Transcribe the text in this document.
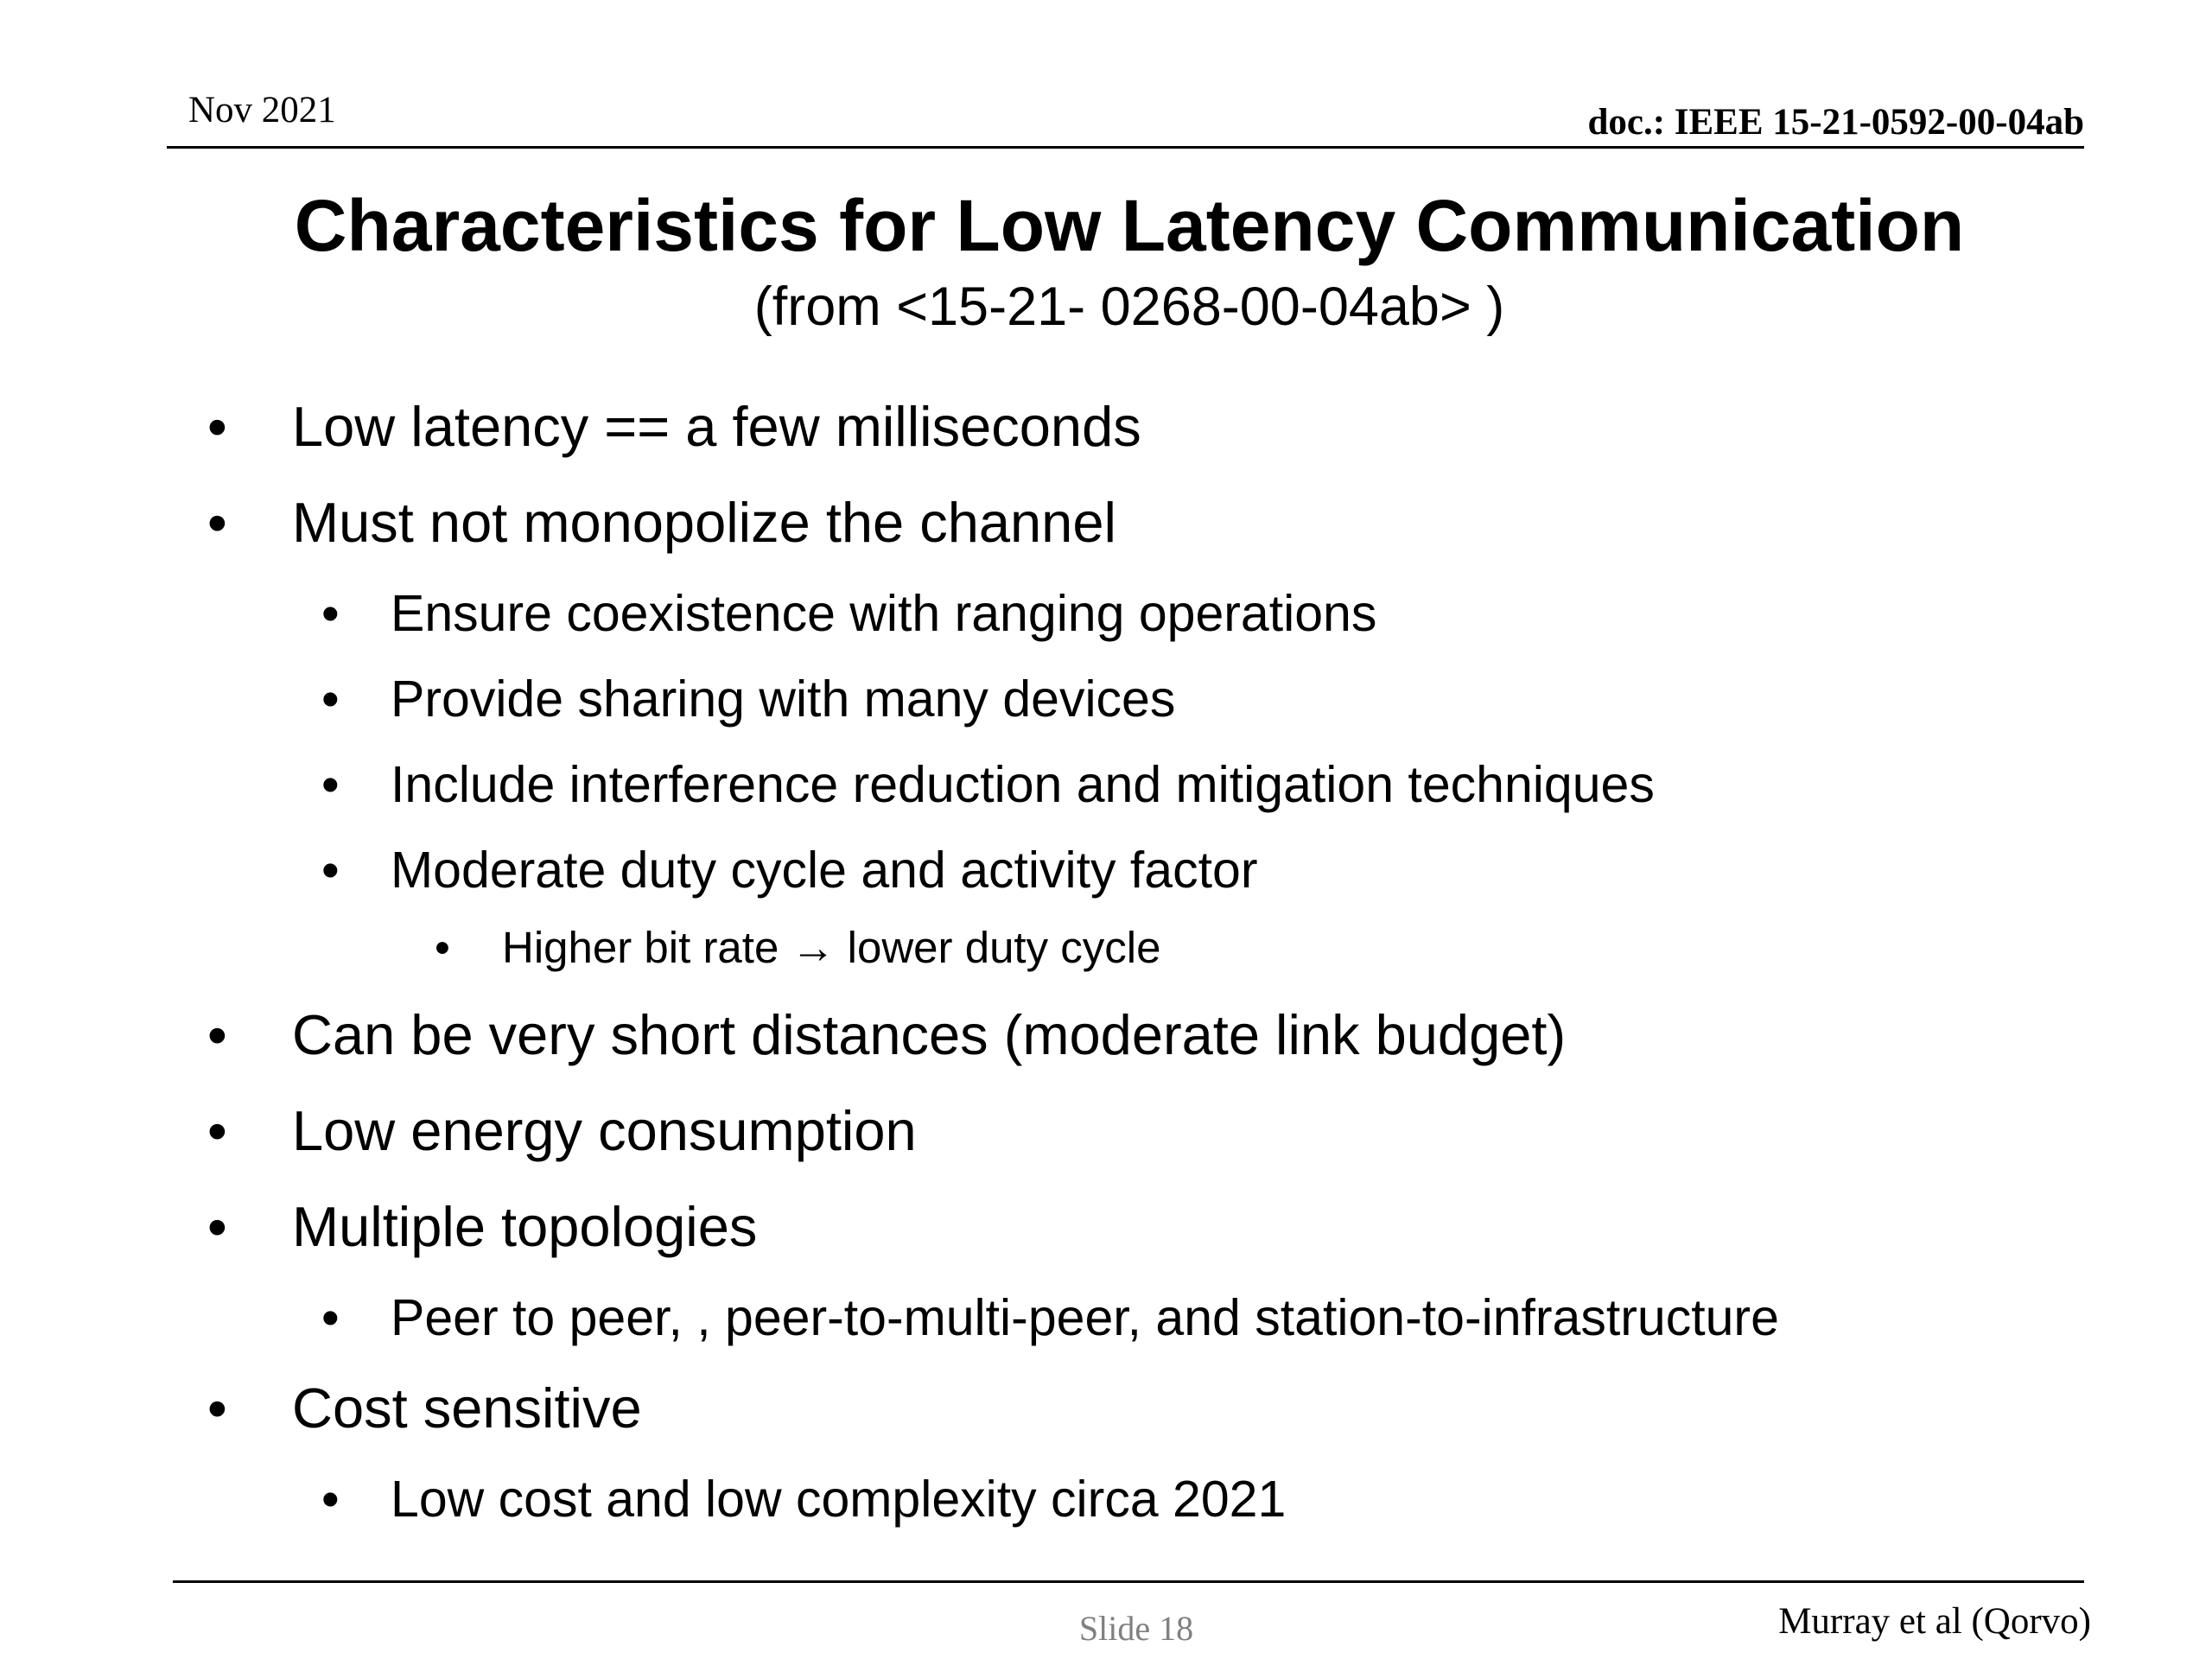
Nov 2021	doc.: IEEE 15-21-0592-00-04ab
Characteristics for Low Latency Communication
(from <15-21- 0268-00-04ab> )
• Low latency == a few milliseconds
• Must not monopolize the channel
• Ensure coexistence with ranging operations
• Provide sharing with many devices
• Include interference reduction and mitigation techniques
• Moderate duty cycle and activity factor
• Higher bit rate → lower duty cycle
• Can be very short distances (moderate link budget)
• Low energy consumption
• Multiple topologies
• Peer to peer, , peer-to-multi-peer, and station-to-infrastructure
• Cost sensitive
• Low cost and low complexity circa 2021
Slide 18	Murray et al (Qorvo)
